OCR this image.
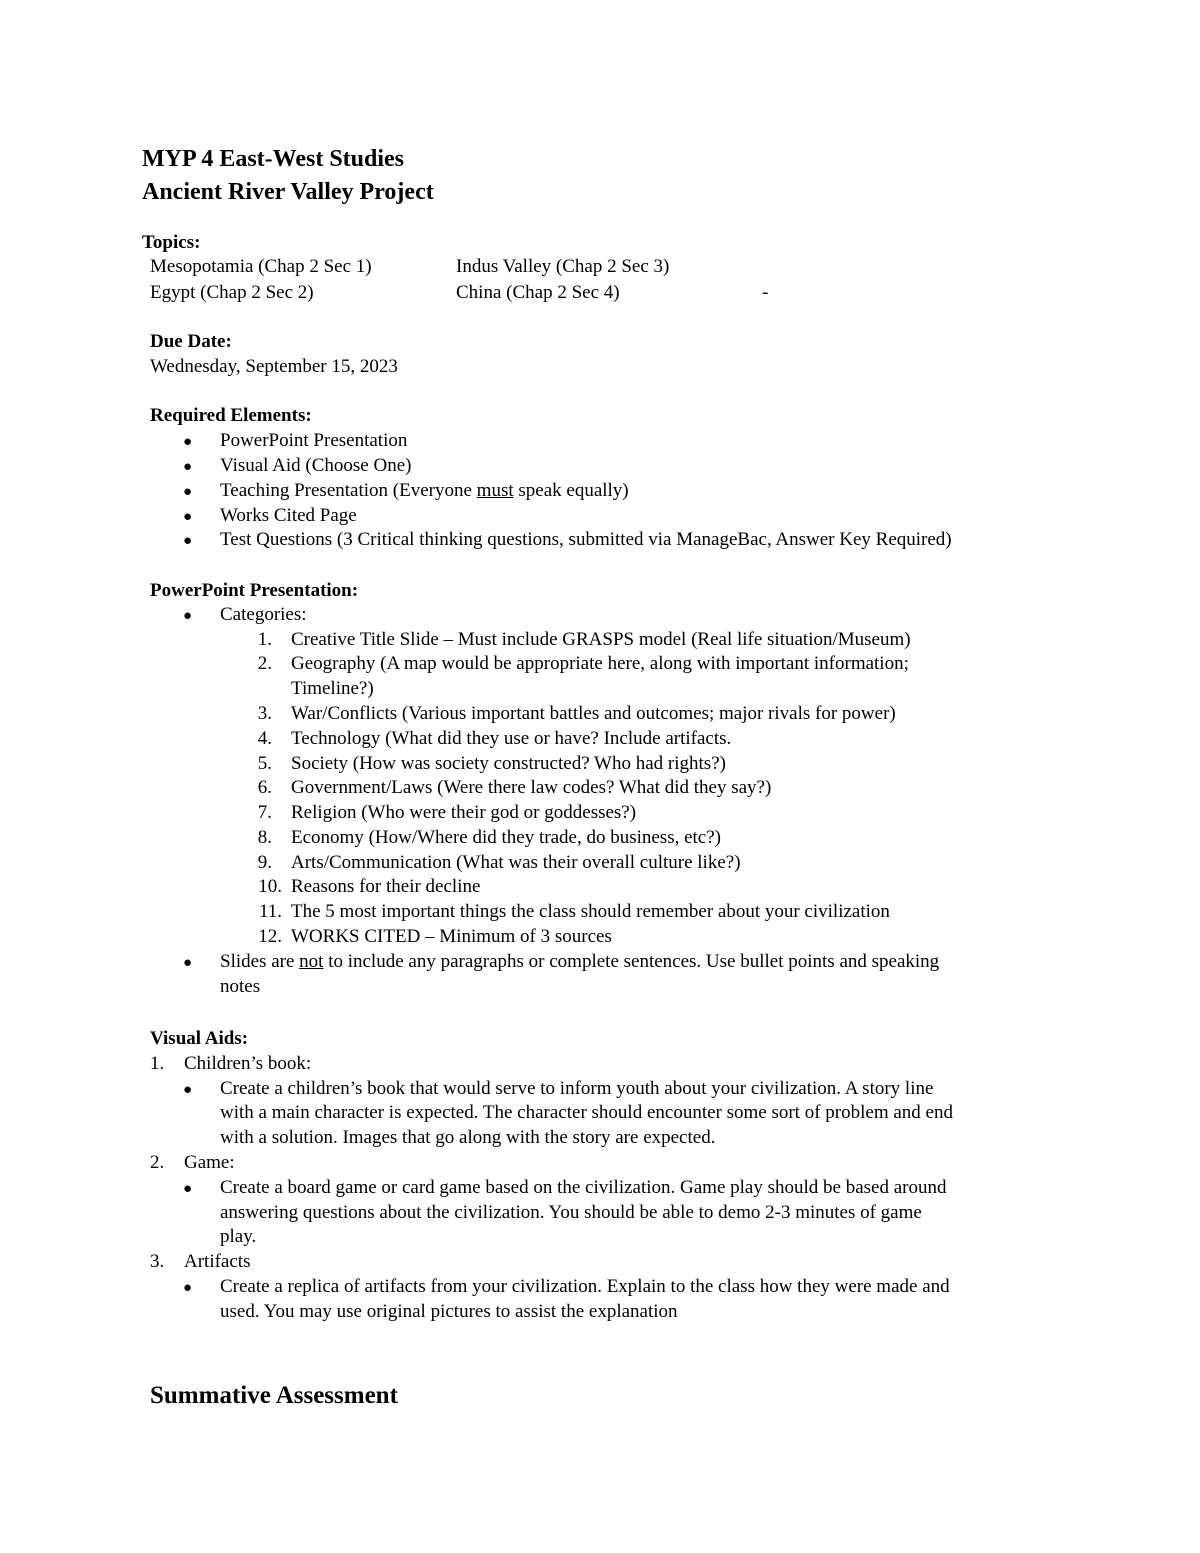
MYP 4 East-West Studies
Ancient River Valley Project
Topics:
Mesopotamia (Chap 2 Sec 1)	Indus Valley (Chap 2 Sec 3)
Egypt (Chap 2 Sec 2)	China (Chap 2 Sec 4)	-
Due Date:
Wednesday, September 15, 2023
Required Elements:
● PowerPoint Presentation
● Visual Aid (Choose One)
● Teaching Presentation (Everyone must speak equally)
● Works Cited Page
● Test Questions (3 Critical thinking questions, submitted via ManageBac, Answer Key Required)
PowerPoint Presentation:
● Categories:
1. Creative Title Slide – Must include GRASPS model (Real life situation/Museum)
2. Geography (A map would be appropriate here, along with important information;
Timeline?)
3. War/Conflicts (Various important battles and outcomes; major rivals for power)
4. Technology (What did they use or have? Include artifacts.
5. Society (How was society constructed? Who had rights?)
6. Government/Laws (Were there law codes? What did they say?)
7. Religion (Who were their god or goddesses?)
8. Economy (How/Where did they trade, do business, etc?)
9. Arts/Communication (What was their overall culture like?)
10. Reasons for their decline
11. The 5 most important things the class should remember about your civilization
12. WORKS CITED – Minimum of 3 sources
● Slides are not to include any paragraphs or complete sentences. Use bullet points and speaking
notes
Visual Aids:
1. Children’s book:
● Create a children’s book that would serve to inform youth about your civilization. A story line
with a main character is expected. The character should encounter some sort of problem and end
with a solution. Images that go along with the story are expected.
2. Game:
● Create a board game or card game based on the civilization. Game play should be based around
answering questions about the civilization. You should be able to demo 2-3 minutes of game
play.
3. Artifacts
● Create a replica of artifacts from your civilization. Explain to the class how they were made and
used. You may use original pictures to assist the explanation
Summative Assessment
